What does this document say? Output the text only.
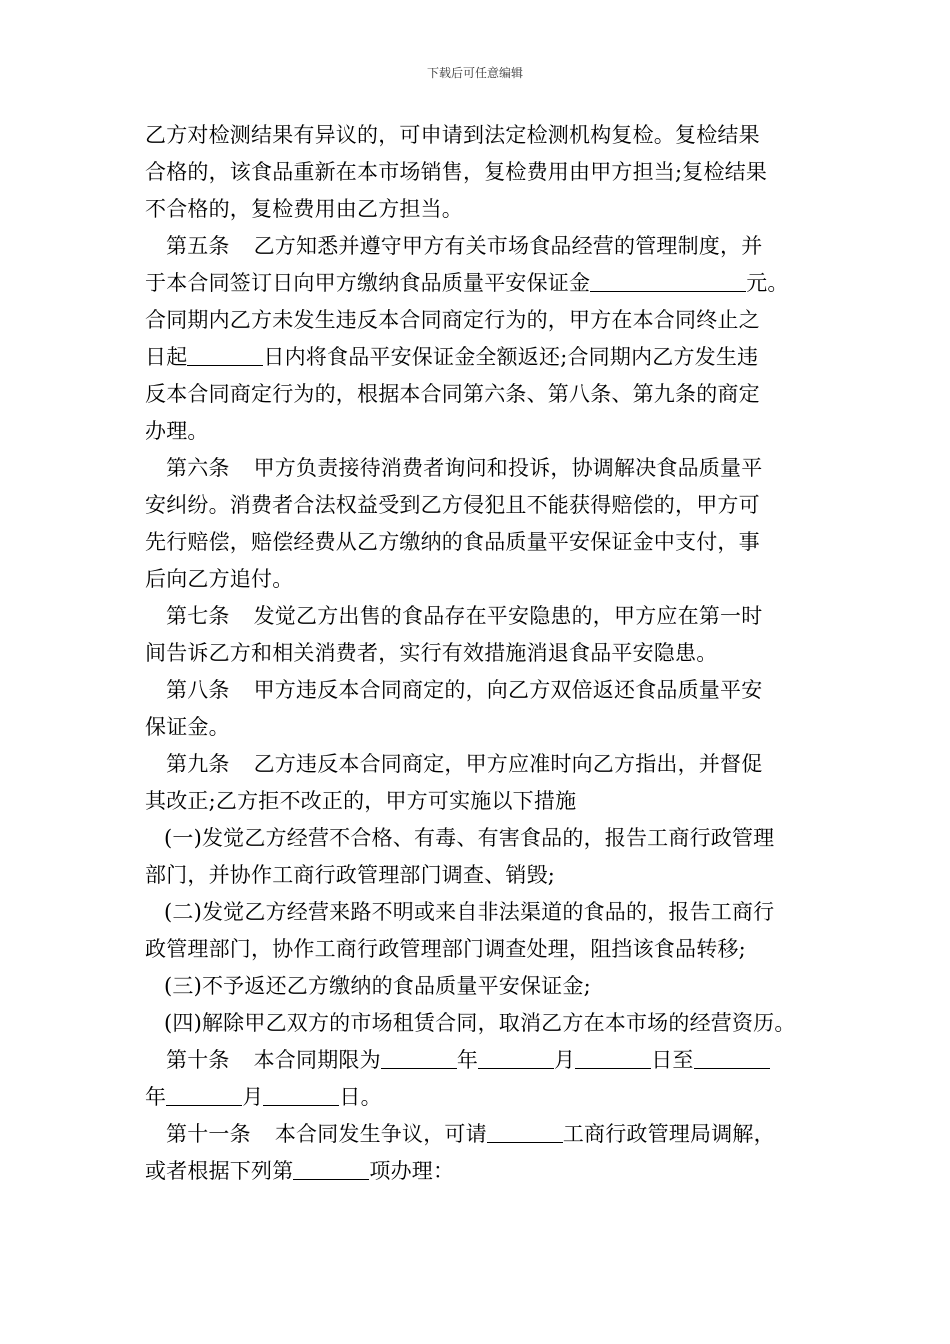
下载后可任意编辑
乙方对检测结果有异议的，可申请到法定检测机构复检。复检结果
合格的，该食品重新在本市场销售，复检费用由甲方担当;复检结果
不合格的，复检费用由乙方担当。
第五条 乙方知悉并遵守甲方有关市场食品经营的管理制度，并
于本合同签订日向甲方缴纳食品质量平安保证金	元。
合同期内乙方未发生违反本合同商定行为的，甲方在本合同终止之
日起	日内将食品平安保证金全额返还;合同期内乙方发生违
反本合同商定行为的，根据本合同第六条、第八条、第九条的商定
办理。
第六条 甲方负责接待消费者询问和投诉，协调解决食品质量平
安纠纷。消费者合法权益受到乙方侵犯且不能获得赔偿的，甲方可
先行赔偿，赔偿经费从乙方缴纳的食品质量平安保证金中支付，事
后向乙方追付。
第七条 发觉乙方出售的食品存在平安隐患的，甲方应在第一时
间告诉乙方和相关消费者，实行有效措施消退食品平安隐患。
第八条 甲方违反本合同商定的，向乙方双倍返还食品质量平安
保证金。
第九条 乙方违反本合同商定，甲方应准时向乙方指出，并督促
其改正;乙方拒不改正的，甲方可实施以下措施
(一)发觉乙方经营不合格、有毒、有害食品的，报告工商行政管理
部门，并协作工商行政管理部门调查、销毁;
(二)发觉乙方经营来路不明或来自非法渠道的食品的，报告工商行
政管理部门，协作工商行政管理部门调查处理，阻挡该食品转移;
(三)不予返还乙方缴纳的食品质量平安保证金;
(四)解除甲乙双方的市场租赁合同，取消乙方在本市场的经营资历。
第十条 本合同期限为	年	月	日至
年	月	日。
第十一条 本合同发生争议，可请	工商行政管理局调解，
或者根据下列第	项办理：
